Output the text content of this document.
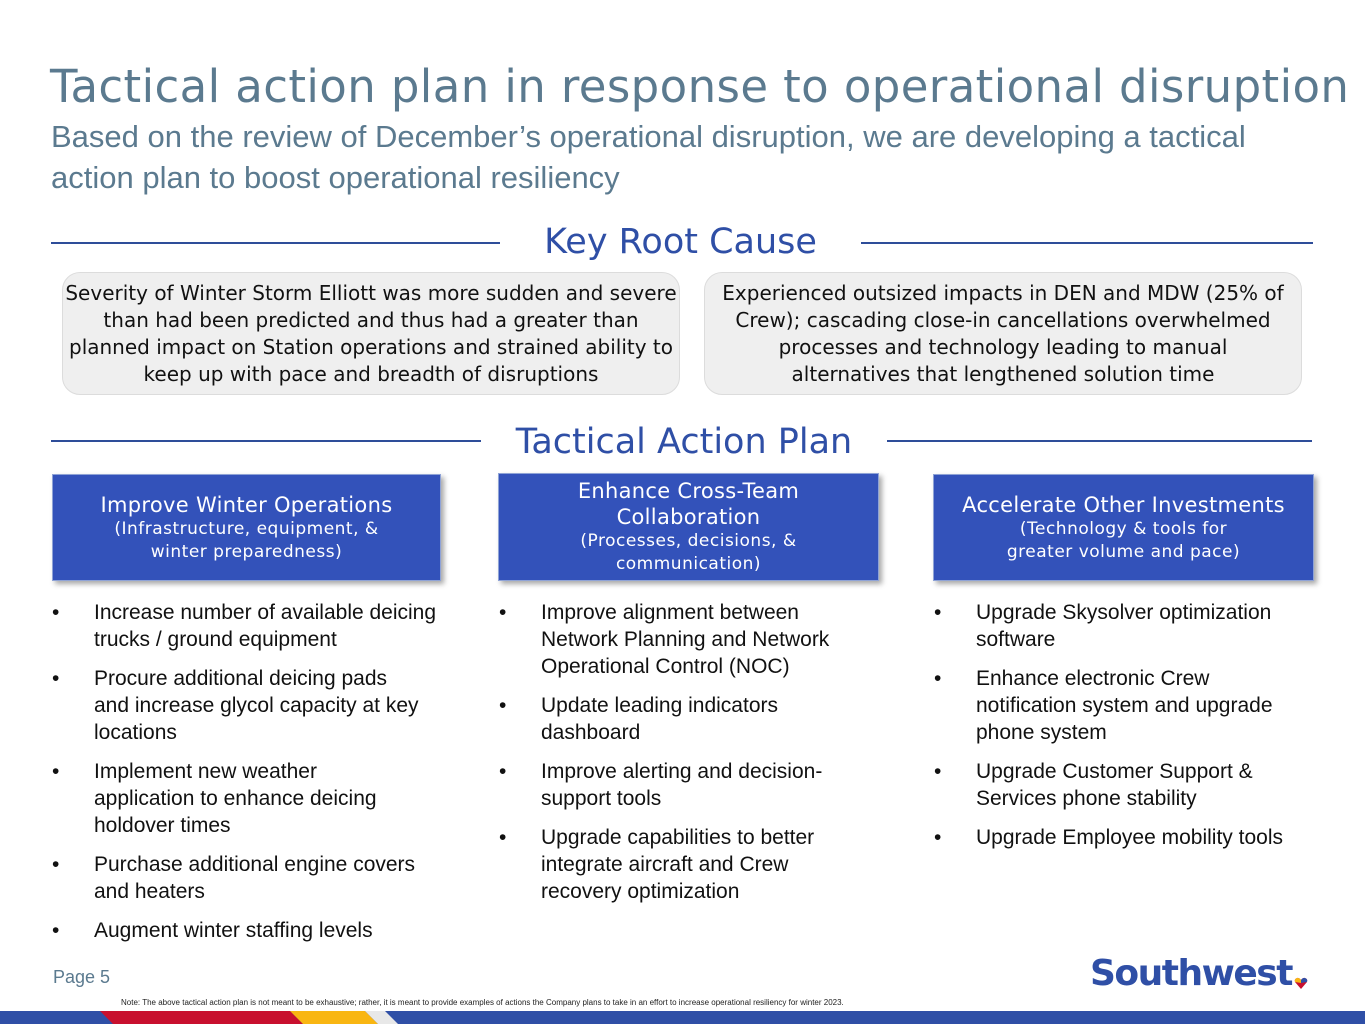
Tactical action plan in response to operational disruption
Based on the review of December’s operational disruption, we are developing a tactical action plan to boost operational resiliency
Key Root Cause
Severity of Winter Storm Elliott was more sudden and severe than had been predicted and thus had a greater than planned impact on Station operations and strained ability to keep up with pace and breadth of disruptions
Experienced outsized impacts in DEN and MDW (25% of Crew); cascading close-in cancellations overwhelmed processes and technology leading to manual alternatives that lengthened solution time
Tactical Action Plan
Improve Winter Operations
(Infrastructure, equipment, & winter preparedness)
• Increase number of available deicing trucks / ground equipment
• Procure additional deicing pads and increase glycol capacity at key locations
• Implement new weather application to enhance deicing holdover times
• Purchase additional engine covers and heaters
• Augment winter staffing levels
Enhance Cross-Team Collaboration
(Processes, decisions, & communication)
• Improve alignment between Network Planning and Network Operational Control (NOC)
• Update leading indicators dashboard
• Improve alerting and decision-support tools
• Upgrade capabilities to better integrate aircraft and Crew recovery optimization
Accelerate Other Investments
(Technology & tools for greater volume and pace)
• Upgrade Skysolver optimization software
• Enhance electronic Crew notification system and upgrade phone system
• Upgrade Customer Support & Services phone stability
• Upgrade Employee mobility tools
Page 5
Note: The above tactical action plan is not meant to be exhaustive; rather, it is meant to provide examples of actions the Company plans to take in an effort to increase operational resiliency for winter 2023.
Southwest
